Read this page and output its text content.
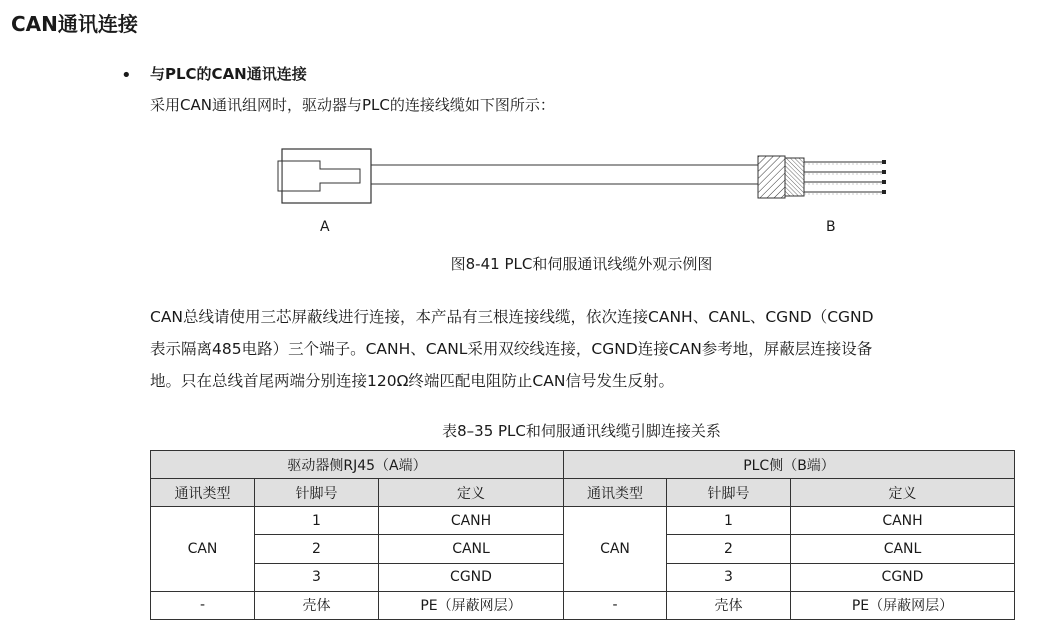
CAN通讯连接
• 与PLC的CAN通讯连接
采用CAN通讯组网时，驱动器与PLC的连接线缆如下图所示：
A	B
图8-41 PLC和伺服通讯线缆外观示例图
CAN总线请使用三芯屏蔽线进行连接，本产品有三根连接线缆，依次连接CANH、CANL、CGND（CGND
表示隔离485电路）三个端子。CANH、CANL采用双绞线连接，CGND连接CAN参考地，屏蔽层连接设备
地。只在总线首尾两端分别连接120Ω终端匹配电阻防止CAN信号发生反射。
表8–35 PLC和伺服通讯线缆引脚连接关系
驱动器侧RJ45（A端）			PLC侧（B端）		
通讯类型	针脚号	定义	通讯类型	针脚号	定义
CAN	1	CANH	CAN	1	CANH
	2	CANL		2	CANL
	3	CGND		3	CGND
-	壳体	PE（屏蔽网层）	-	壳体	PE（屏蔽网层）
